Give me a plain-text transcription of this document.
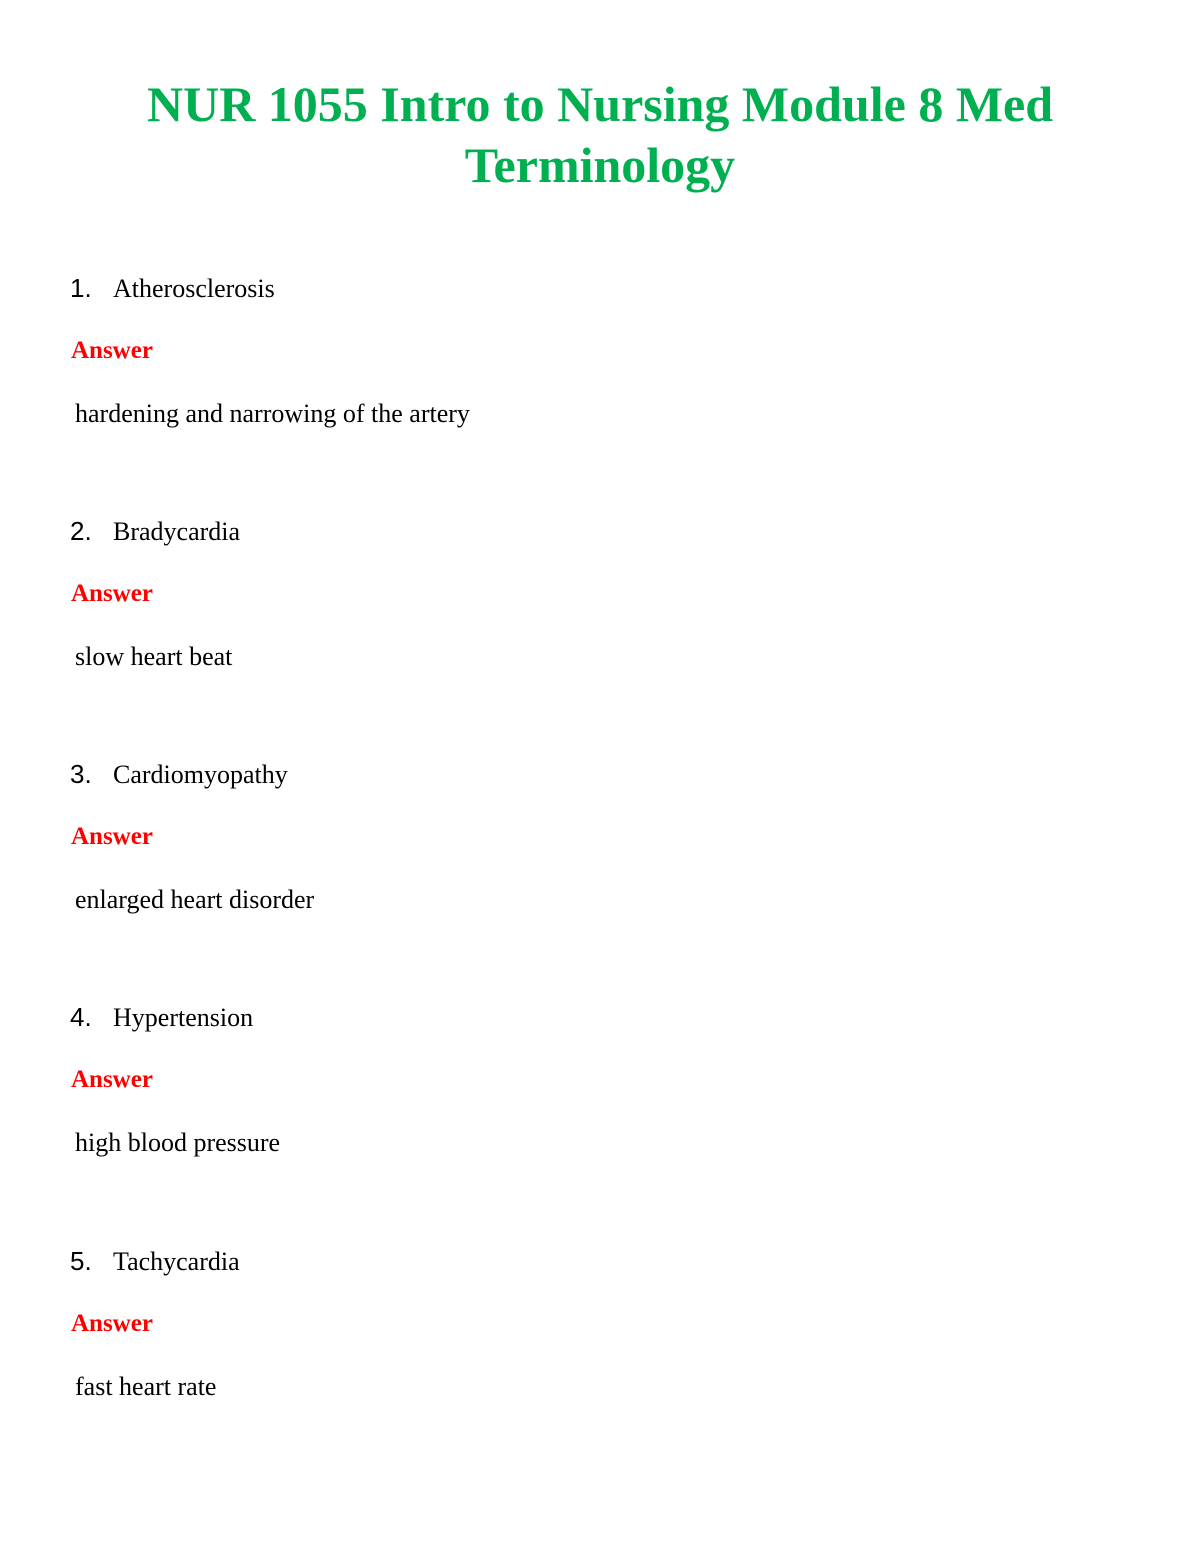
NUR 1055 Intro to Nursing Module 8 Med
Terminology
1. Atherosclerosis
Answer
hardening and narrowing of the artery
2. Bradycardia
Answer
slow heart beat
3. Cardiomyopathy
Answer
enlarged heart disorder
4. Hypertension
Answer
high blood pressure
5. Tachycardia
Answer
fast heart rate
